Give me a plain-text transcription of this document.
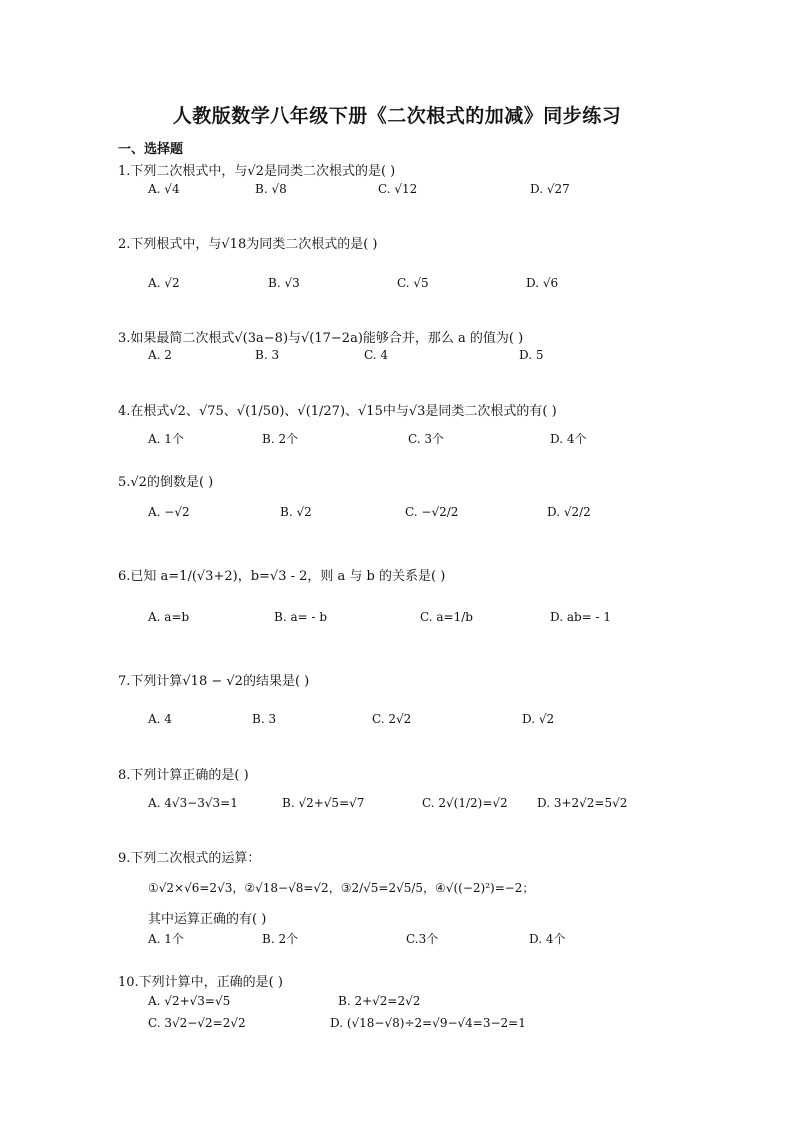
人教版数学八年级下册《二次根式的加减》同步练习
一、选择题
1.下列二次根式中，与√2是同类二次根式的是( )
A. √4	B. √8	C. √12	D. √27
2.下列根式中，与√18为同类二次根式的是( )
A. √2	B. √3	C. √5	D. √6
3.如果最简二次根式√(3a−8)与√(17−2a)能够合并，那么 a 的值为( )
A. 2	B. 3	C. 4	D. 5
4.在根式√2、√75、√(1/50)、√(1/27)、√15中与√3是同类二次根式的有( )
A. 1个	B. 2个	C. 3个	D. 4个
5.√2的倒数是( )
A. −√2	B. √2	C. −√2/2	D. √2/2
6.已知 a=1/(√3+2)，b=√3 - 2，则 a 与 b 的关系是( )
A. a=b	B. a= - b	C. a=1/b	D. ab= - 1
7.下列计算√18 − √2的结果是( )
A. 4	B. 3	C. 2√2	D. √2
8.下列计算正确的是( )
A. 4√3−3√3=1	B. √2+√5=√7	C. 2√(1/2)=√2 D. 3+2√2=5√2
9.下列二次根式的运算：
①√2×√6=2√3，②√18−√8=√2，③2/√5=2√5/5，④√((−2)²)=−2；
其中运算正确的有( )
A. 1个	B. 2个	C.3个	D. 4个
10.下列计算中，正确的是( )
A. √2+√3=√5	B. 2+√2=2√2
C. 3√2−√2=2√2	D. (√18−√8)÷2=√9−√4=3−2=1
